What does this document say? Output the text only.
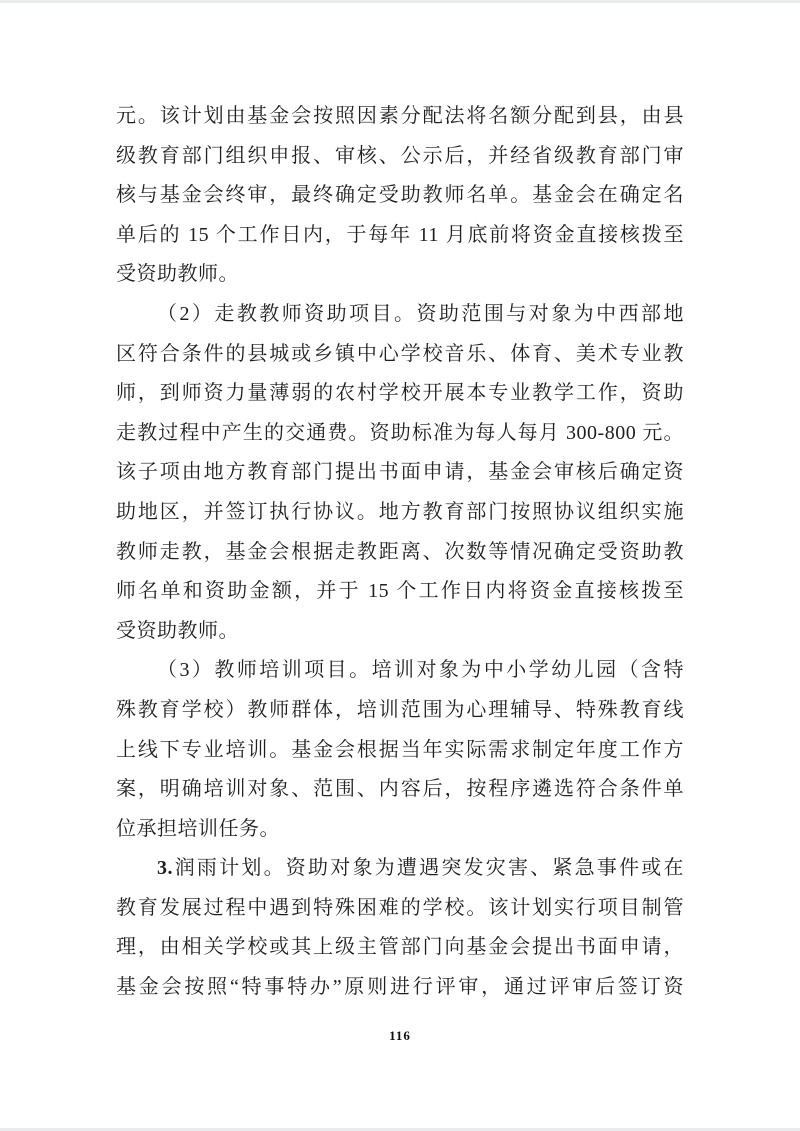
元。该计划由基金会按照因素分配法将名额分配到县，由县
级教育部门组织申报、审核、公示后，并经省级教育部门审
核与基金会终审，最终确定受助教师名单。基金会在确定名
单后的 15 个工作日内，于每年 11 月底前将资金直接核拨至
受资助教师。
（2）走教教师资助项目。资助范围与对象为中西部地
区符合条件的县城或乡镇中心学校音乐、体育、美术专业教
师，到师资力量薄弱的农村学校开展本专业教学工作，资助
走教过程中产生的交通费。资助标准为每人每月 300-800 元。
该子项由地方教育部门提出书面申请，基金会审核后确定资
助地区，并签订执行协议。地方教育部门按照协议组织实施
教师走教，基金会根据走教距离、次数等情况确定受资助教
师名单和资助金额，并于 15 个工作日内将资金直接核拨至
受资助教师。
（3）教师培训项目。培训对象为中小学幼儿园（含特
殊教育学校）教师群体，培训范围为心理辅导、特殊教育线
上线下专业培训。基金会根据当年实际需求制定年度工作方
案，明确培训对象、范围、内容后，按程序遴选符合条件单
位承担培训任务。
3.润雨计划。资助对象为遭遇突发灾害、紧急事件或在
教育发展过程中遇到特殊困难的学校。该计划实行项目制管
理，由相关学校或其上级主管部门向基金会提出书面申请，
基金会按照“特事特办”原则进行评审，通过评审后签订资
116
